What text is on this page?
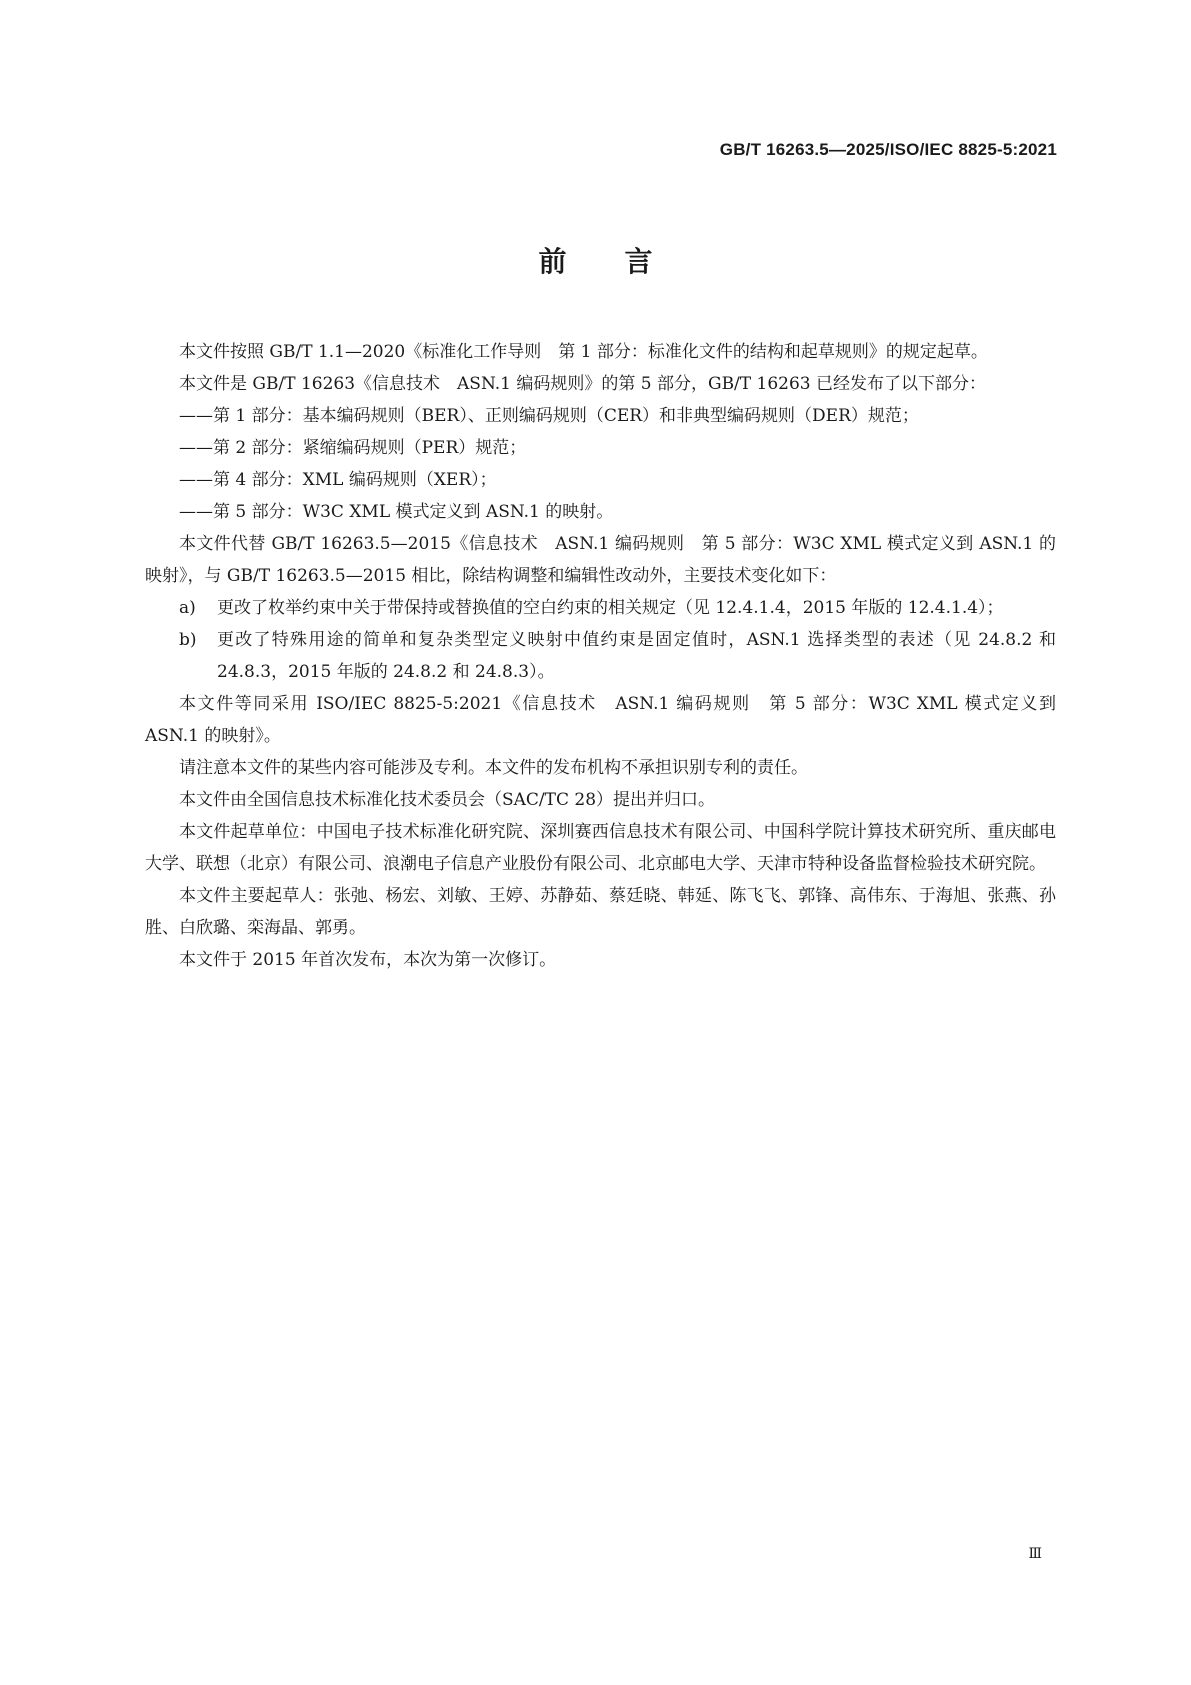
GB/T 16263.5—2025/ISO/IEC 8825-5:2021
前言

本文件按照 GB/T 1.1—2020《标准化工作导则　第 1 部分：标准化文件的结构和起草规则》的规定起草。

本文件是 GB/T 16263《信息技术　ASN.1 编码规则》的第 5 部分，GB/T 16263 已经发布了以下部分：

——第 1 部分：基本编码规则（BER）、正则编码规则（CER）和非典型编码规则（DER）规范；

——第 2 部分：紧缩编码规则（PER）规范；

——第 4 部分：XML 编码规则（XER）；

——第 5 部分：W3C XML 模式定义到 ASN.1 的映射。

本文件代替 GB/T 16263.5—2015《信息技术　ASN.1 编码规则　第 5 部分：W3C XML 模式定义到 ASN.1 的映射》，与 GB/T 16263.5—2015 相比，除结构调整和编辑性改动外，主要技术变化如下：

a)	更改了枚举约束中关于带保持或替换值的空白约束的相关规定（见 12.4.1.4，2015 年版的 12.4.1.4）；
b)	更改了特殊用途的简单和复杂类型定义映射中值约束是固定值时，ASN.1 选择类型的表述（见 24.8.2 和 24.8.3，2015 年版的 24.8.2 和 24.8.3）。

本文件等同采用 ISO/IEC 8825-5:2021《信息技术　ASN.1 编码规则　第 5 部分：W3C XML 模式定义到 ASN.1 的映射》。

请注意本文件的某些内容可能涉及专利。本文件的发布机构不承担识别专利的责任。

本文件由全国信息技术标准化技术委员会（SAC/TC 28）提出并归口。

本文件起草单位：中国电子技术标准化研究院、深圳赛西信息技术有限公司、中国科学院计算技术研究所、重庆邮电大学、联想（北京）有限公司、浪潮电子信息产业股份有限公司、北京邮电大学、天津市特种设备监督检验技术研究院。

本文件主要起草人：张弛、杨宏、刘敏、王婷、苏静茹、蔡廷晓、韩延、陈飞飞、郭锋、高伟东、于海旭、张燕、孙胜、白欣璐、栾海晶、郭勇。

本文件于 2015 年首次发布，本次为第一次修订。

Ⅲ
